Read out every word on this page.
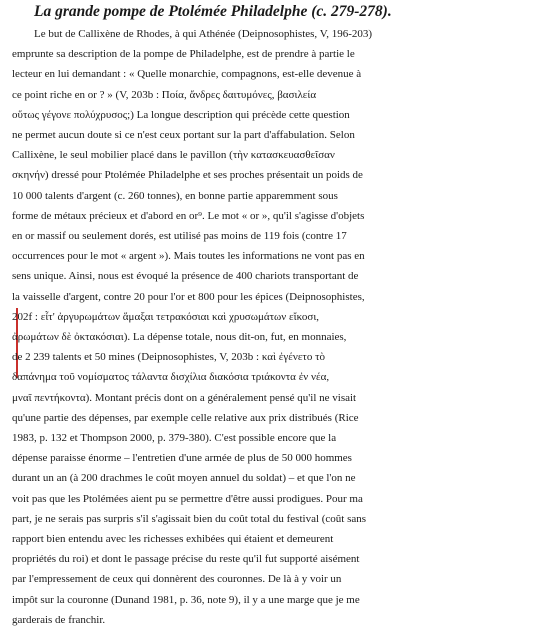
La grande pompe de Ptolémée Philadelphe (c. 279-278).
Le but de Callixène de Rhodes, à qui Athénée (Deipnosophistes, V, 196-203)
emprunte sa description de la pompe de Philadelphe, est de prendre à partie le
lecteur en lui demandant : « Quelle monarchie, compagnons, est-elle devenue à
ce point riche en or ? » (V, 203b : Ποία, ἄνδρες δαιτυμόνες, βασιλεία
οὕτως γέγονε πολύχρυσος;) La longue description qui précède cette question
ne permet aucun doute si ce n'est ceux portant sur la part d'affabulation. Selon
Callixène, le seul mobilier placé dans le pavillon (τὴν κατασκευασθεῖσαν
σκηνήν) dressé pour Ptolémée Philadelphe et ses proches présentait un poids de
10 000 talents d'argent (c. 260 tonnes), en bonne partie apparemment sous
forme de métaux précieux et d'abord en or⁹. Le mot « or », qu'il s'agisse d'objets
en or massif ou seulement dorés, est utilisé pas moins de 119 fois (contre 17
occurrences pour le mot « argent »). Mais toutes les informations ne vont pas en
sens unique. Ainsi, nous est évoqué la présence de 400 chariots transportant de
la vaisselle d'argent, contre 20 pour l'or et 800 pour les épices (Deipnosophistes,
202f : εἶτ' ἀργυρωμάτων ἅμαξαι τετρακόσιαι καὶ χρυσωμάτων εἴκοσι,
ἀρωμάτων δὲ ὀκτακόσιαι). La dépense totale, nous dit-on, fut, en monnaies,
de 2 239 talents et 50 mines (Deipnosophistes, V, 203b : καὶ ἐγένετο τὸ
δαπάνημα τοῦ νομίσματος τάλαντα δισχίλια διακόσια τριάκοντα ἐν νέα,
μναῖ πεντήκοντα). Montant précis dont on a généralement pensé qu'il ne visait
qu'une partie des dépenses, par exemple celle relative aux prix distribués (Rice
1983, p. 132 et Thompson 2000, p. 379-380). C'est possible encore que la
dépense paraisse énorme – l'entretien d'une armée de plus de 50 000 hommes
durant un an (à 200 drachmes le coût moyen annuel du soldat) – et que l'on ne
voit pas que les Ptolémées aient pu se permettre d'être aussi prodigues. Pour ma
part, je ne serais pas surpris s'il s'agissait bien du coût total du festival (coût sans
rapport bien entendu avec les richesses exhibées qui étaient et demeurent
propriétés du roi) et dont le passage précise du reste qu'il fut supporté aisément
par l'empressement de ceux qui donnèrent des couronnes. De là à y voir un
impôt sur la couronne (Dunand 1981, p. 36, note 9), il y a une marge que je me
garderais de franchir.
